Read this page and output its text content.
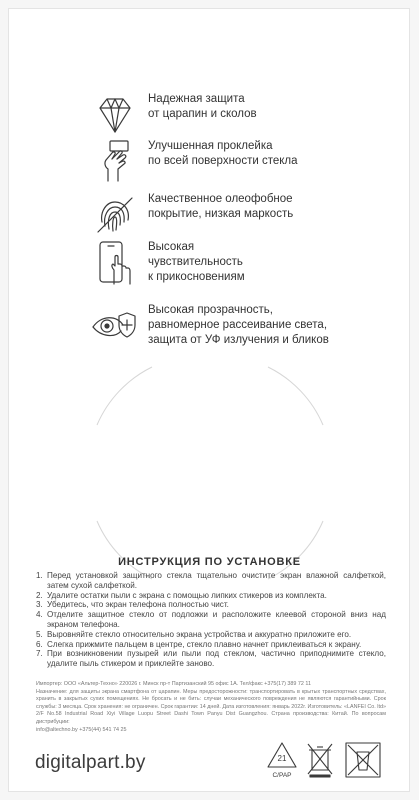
Надежная защита
от царапин и сколов
Улучшенная проклейка
по всей поверхности стекла
Качественное олеофобное
покрытие, низкая маркость
Высокая
чувствительность
к прикосновениям
Высокая прозрачность,
равномерное рассеивание света,
защита от УФ излучения и бликов
ИНСТРУКЦИЯ ПО УСТАНОВКЕ
1. Перед установкой защитного стекла тщательно очистите экран влажной салфеткой, затем сухой салфеткой.
2. Удалите остатки пыли с экрана с помощью липких стикеров из комплекта.
3. Убедитесь, что экран телефона полностью чист.
4. Отделите защитное стекло от подложки и расположите клеевой стороной вниз над экраном телефона.
5. Выровняйте стекло относительно экрана устройства и аккуратно приложите его.
6. Слегка прижмите пальцем в центре, стекло плавно начнет приклеиваться к экрану.
7. При возникновении пузырей или пыли под стеклом, частично приподнимите стекло, удалите пыль стикером и приклейте заново.
Импортер: ООО «Альтер-Техно» 220026 г. Минск пр-т Партизанский 95 офис 1А. Тел/факс +375(17) 389 72 11
Назначение: для защиты экрана смартфона от царапин. Меры предосторожности: транспортировать в крытых транспортных средствах, хранить в закрытых сухих помещениях. Не бросать и не бить: случаи механического повреждения не являются гарантийными. Срок службы: 3 месяца. Срок хранения: не ограничен. Срок гарантии: 14 дней. Дата изготовления: январь 2022г. Изготовитель: «LANFEI Co. ltd» 2/F No.58 Industrial Road Xiyi Village Luopu Street Dashi Town Panyu Dist Guangzhou. Страна производства: Китай. По вопросам дистрибуции:
info@altechno.by +375(44) 541 74 25
digitalpart.by	21
C/PAP
